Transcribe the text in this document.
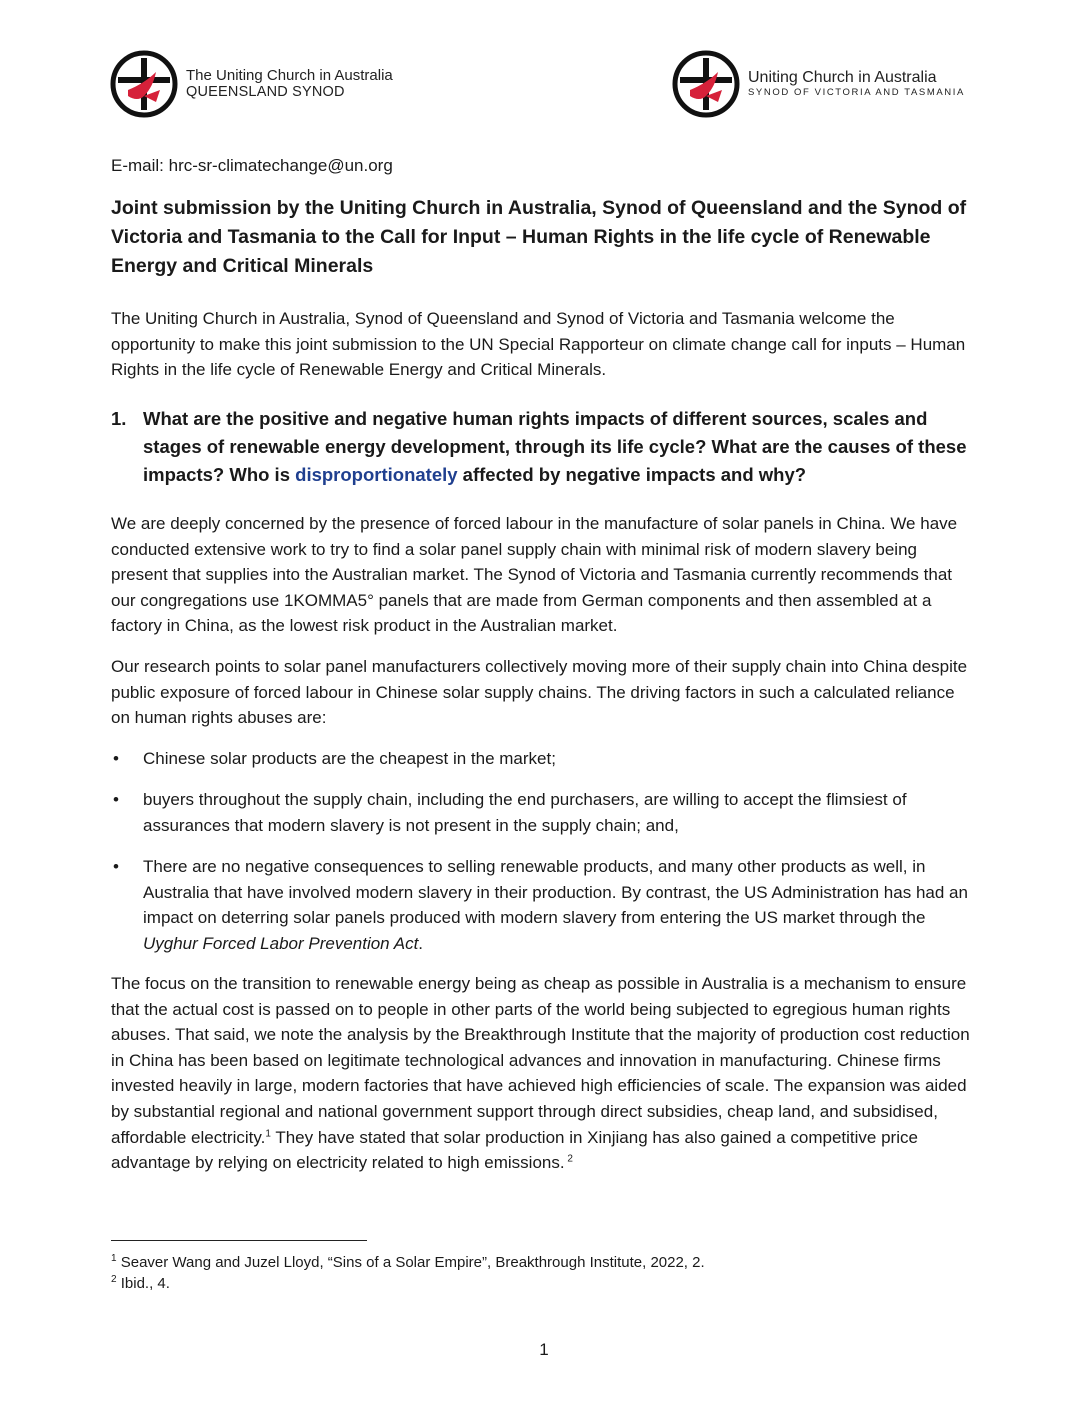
The Uniting Church in Australia
QUEENSLAND SYNOD
Uniting Church in Australia
SYNOD OF VICTORIA AND TASMANIA
E-mail: hrc-sr-climatechange@un.org
Joint submission by the Uniting Church in Australia, Synod of Queensland and the Synod of Victoria and Tasmania to the Call for Input – Human Rights in the life cycle of Renewable Energy and Critical Minerals
The Uniting Church in Australia, Synod of Queensland and Synod of Victoria and Tasmania welcome the opportunity to make this joint submission to the UN Special Rapporteur on climate change call for inputs – Human Rights in the life cycle of Renewable Energy and Critical Minerals.
1. What are the positive and negative human rights impacts of different sources, scales and stages of renewable energy development, through its life cycle? What are the causes of these impacts? Who is disproportionately affected by negative impacts and why?
We are deeply concerned by the presence of forced labour in the manufacture of solar panels in China. We have conducted extensive work to try to find a solar panel supply chain with minimal risk of modern slavery being present that supplies into the Australian market. The Synod of Victoria and Tasmania currently recommends that our congregations use 1KOMMA5° panels that are made from German components and then assembled at a factory in China, as the lowest risk product in the Australian market.
Our research points to solar panel manufacturers collectively moving more of their supply chain into China despite public exposure of forced labour in Chinese solar supply chains. The driving factors in such a calculated reliance on human rights abuses are:
•	Chinese solar products are the cheapest in the market;
•	buyers throughout the supply chain, including the end purchasers, are willing to accept the flimsiest of assurances that modern slavery is not present in the supply chain; and,
•	There are no negative consequences to selling renewable products, and many other products as well, in Australia that have involved modern slavery in their production. By contrast, the US Administration has had an impact on deterring solar panels produced with modern slavery from entering the US market through the Uyghur Forced Labor Prevention Act.
The focus on the transition to renewable energy being as cheap as possible in Australia is a mechanism to ensure that the actual cost is passed on to people in other parts of the world being subjected to egregious human rights abuses. That said, we note the analysis by the Breakthrough Institute that the majority of production cost reduction in China has been based on legitimate technological advances and innovation in manufacturing. Chinese firms invested heavily in large, modern factories that have achieved high efficiencies of scale. The expansion was aided by substantial regional and national government support through direct subsidies, cheap land, and subsidised, affordable electricity.$^1$ They have stated that solar production in Xinjiang has also gained a competitive price advantage by relying on electricity related to high emissions. $^2$
$^1$ Seaver Wang and Juzel Lloyd, “Sins of a Solar Empire”, Breakthrough Institute, 2022, 2.
$^2$ Ibid., 4.
1
